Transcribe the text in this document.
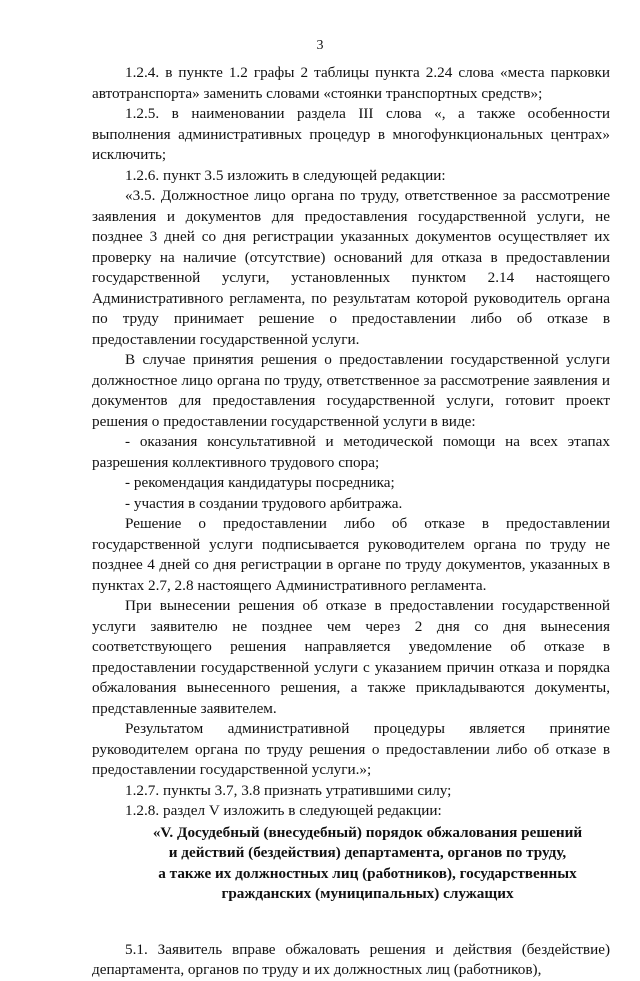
3

1.2.4. в пункте 1.2 графы 2 таблицы пункта 2.24 слова «места парковки автотранспорта» заменить словами «стоянки транспортных средств»;

1.2.5. в наименовании раздела III слова «, а также особенности выполнения административных процедур в многофункциональных центрах» исключить;

1.2.6. пункт 3.5 изложить в следующей редакции:

«3.5. Должностное лицо органа по труду, ответственное за рассмотрение заявления и документов для предоставления государственной услуги, не позднее 3 дней со дня регистрации указанных документов осуществляет их проверку на наличие (отсутствие) оснований для отказа в предоставлении государственной услуги, установленных пунктом 2.14 настоящего Административного регламента, по результатам которой руководитель органа по труду принимает решение о предоставлении либо об отказе в предоставлении государственной услуги.

В случае принятия решения о предоставлении государственной услуги должностное лицо органа по труду, ответственное за рассмотрение заявления и документов для предоставления государственной услуги, готовит проект решения о предоставлении государственной услуги в виде:

- оказания консультативной и методической помощи на всех этапах разрешения коллективного трудового спора;

- рекомендация кандидатуры посредника;

- участия в создании трудового арбитража.

Решение о предоставлении либо об отказе в предоставлении государственной услуги подписывается руководителем органа по труду не позднее 4 дней со дня регистрации в органе по труду документов, указанных в пунктах 2.7, 2.8 настоящего Административного регламента.

При вынесении решения об отказе в предоставлении государственной услуги заявителю не позднее чем через 2 дня со дня вынесения соответствующего решения направляется уведомление об отказе в предоставлении государственной услуги с указанием причин отказа и порядка обжалования вынесенного решения, а также прикладываются документы, представленные заявителем.

Результатом административной процедуры является принятие руководителем органа по труду решения о предоставлении либо об отказе в предоставлении государственной услуги.»;

1.2.7. пункты 3.7, 3.8 признать утратившими силу;

1.2.8. раздел V изложить в следующей редакции:

«V. Досудебный (внесудебный) порядок обжалования решений

и действий (бездействия) департамента, органов по труду,

а также их должностных лиц (работников), государственных

гражданских (муниципальных) служащих

5.1. Заявитель вправе обжаловать решения и действия (бездействие) департамента, органов по труду и их должностных лиц (работников),
